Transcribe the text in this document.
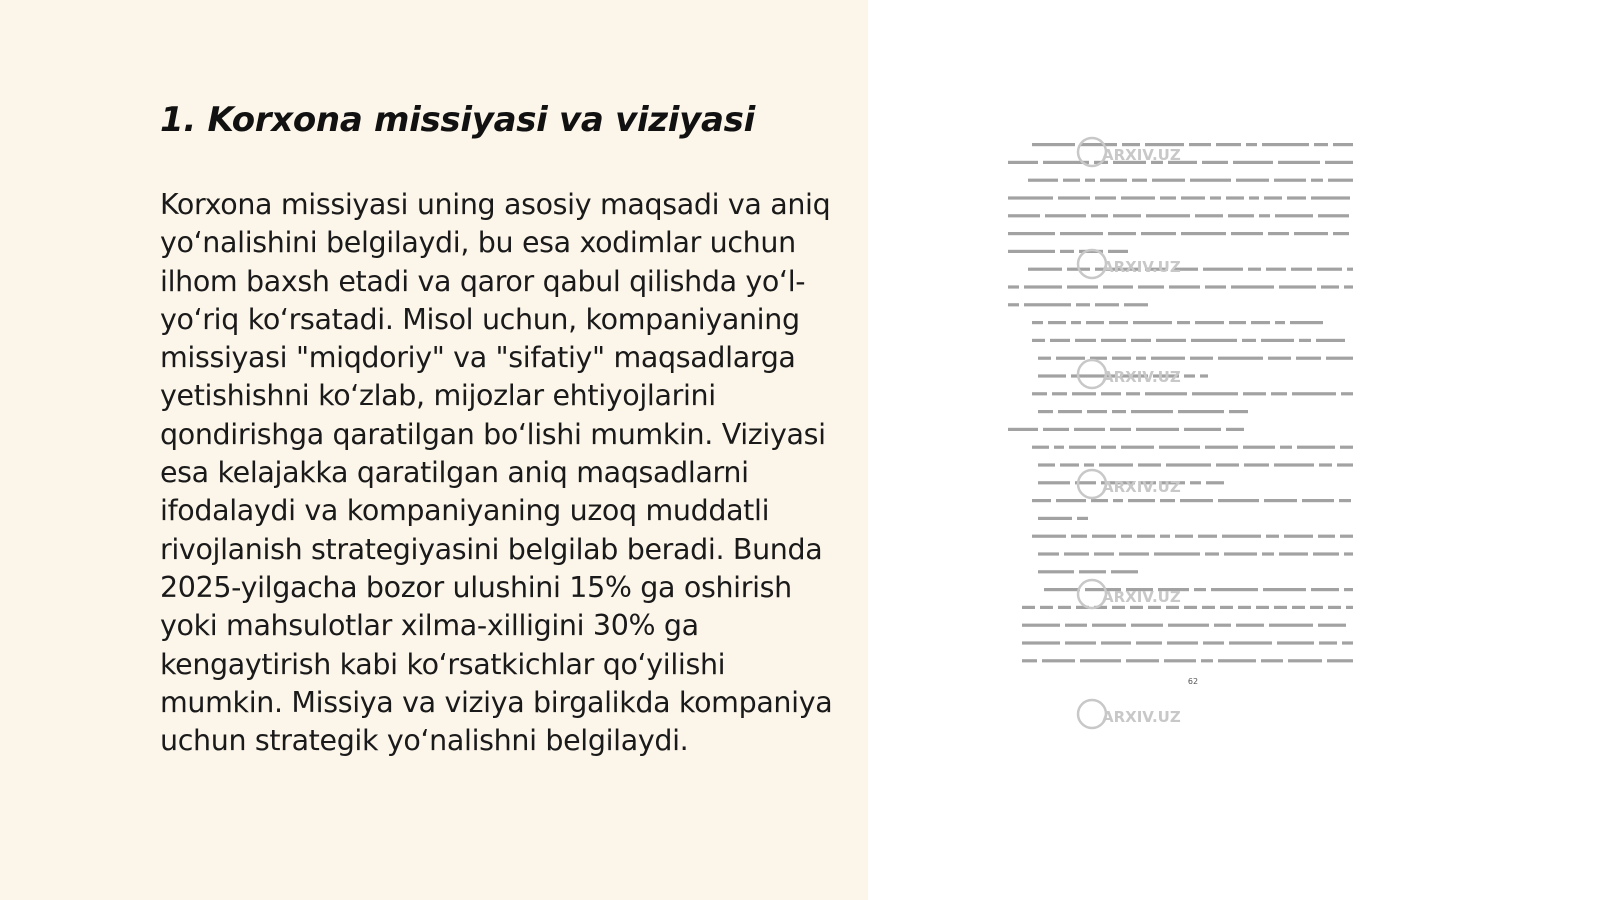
1. Korxona missiyasi va viziyasi

Korxona missiyasi uning asosiy maqsadi va aniq yo‘nalishini belgilaydi, bu esa xodimlar uchun ilhom baxsh etadi va qaror qabul qilishda yo‘l-yo‘riq ko‘rsatadi. Misol uchun, kompaniyaning missiyasi "miqdoriy" va "sifatiy" maqsadlarga yetishishni ko‘zlab, mijozlar ehtiyojlarini qondirishga qaratilgan bo‘lishi mumkin. Viziyasi esa kelajakka qaratilgan aniq maqsadlarni ifodalaydi va kompaniyaning uzoq muddatli rivojlanish strategiyasini belgilab beradi. Bunda 2025-yilgacha bozor ulushini 15% ga oshirish yoki mahsulotlar xilma-xilligini 30% ga kengaytirish kabi ko‘rsatkichlar qo‘yilishi mumkin. Missiya va viziya birgalikda kompaniya uchun strategik yo‘nalishni belgilaydi.

ARXIV.UZ
ARXIV.UZ
ARXIV.UZ
ARXIV.UZ
ARXIV.UZ
ARXIV.UZ
62
